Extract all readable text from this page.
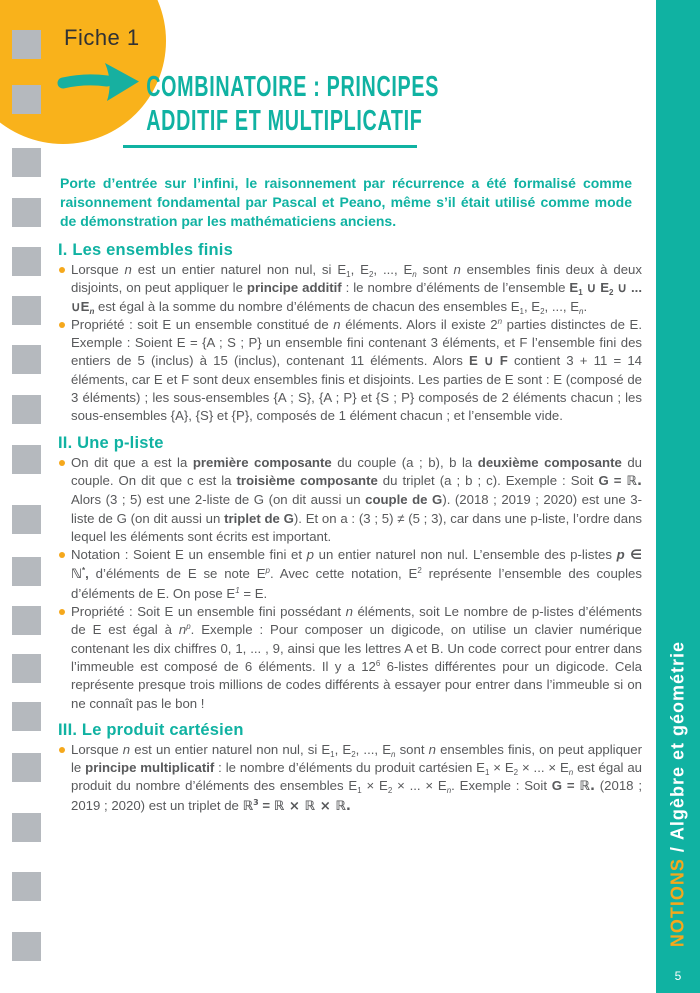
Fiche 1
COMBINATOIRE : PRINCIPES
ADDITIF ET MULTIPLICATIF

Porte d’entrée sur l’infini, le raisonnement par récurrence a été formalisé comme raisonnement fondamental par Pascal et Peano, même s’il était utilisé comme mode de démonstration par les mathématiciens anciens.

I. Les ensembles finis

Lorsque n est un entier naturel non nul, si $E_1$, $E_2$, ..., $E_n$ sont n ensembles finis deux à deux disjoints, on peut appliquer le principe additif : le nombre d’éléments de l’ensemble $E_1$ ∪ $E_2$ ∪ ... $\cup E_n$ est égal à la somme du nombre d’éléments de chacun des ensembles $E_1$, $E_2$, ..., $E_n$.

Propriété : soit E un ensemble constitué de n éléments. Alors il existe 2$^n$ parties distinctes de E. Exemple : Soient E = {A ; S ; P} un ensemble fini contenant 3 éléments, et F l’ensemble fini des entiers de 5 (inclus) à 15 (inclus), contenant 11 éléments. Alors E ∪ F contient 3 + 11 = 14 éléments, car E et F sont deux ensembles finis et disjoints. Les parties de E sont : E (composé de 3 éléments) ; les sous-ensembles {A ; S}, {A ; P} et {S ; P} composés de 2 éléments chacun ; les sous-ensembles {A}, {S} et {P}, composés de 1 élément chacun ; et l’ensemble vide.

II. Une p-liste

On dit que a est la première composante du couple (a ; b), b la deuxième composante du couple. On dit que c est la troisième composante du triplet (a ; b ; c). Exemple : Soit G = ℝ. Alors (3 ; 5) est une 2-liste de G (on dit aussi un couple de G). (2018 ; 2019 ; 2020) est une 3-liste de G (on dit aussi un triplet de G). Et on a : (3 ; 5) ≠ (5 ; 3), car dans une p-liste, l’ordre dans lequel les éléments sont écrits est important.

Notation : Soient E un ensemble fini et p un entier naturel non nul. L’ensemble des p-listes p ∈ ℕ*, d’éléments de E se note $E^p$. Avec cette notation, $E^2$ représente l’ensemble des couples d’éléments de E. On pose $E^1 = E$.

Propriété : Soit E un ensemble fini possédant n éléments, soit Le nombre de p-listes d’éléments de E est égal à $n^p$. Exemple : Pour composer un digicode, on utilise un clavier numérique contenant les dix chiffres 0, 1, ... , 9, ainsi que les lettres A et B. Un code correct pour entrer dans l’immeuble est composé de 6 éléments. Il y a $12^6$ 6-listes différentes pour un digicode. Cela représente presque trois millions de codes différents à essayer pour entrer dans l’immeuble si on ne connaît pas le bon !

III. Le produit cartésien

Lorsque n est un entier naturel non nul, si $E_1$, $E_2$, ..., $E_n$ sont n ensembles finis, on peut appliquer le principe multiplicatif : le nombre d’éléments du produit cartésien $E_1 \times E_2$ × ... × $E_n$ est égal au produit du nombre d’éléments des ensembles $E_1 \times E_2$ × ... × $E_n$. Exemple : Soit G = ℝ. (2018 ; 2019 ; 2020) est un triplet de ℝ$^3$ = ℝ × ℝ × ℝ.

NOTIONS / Algèbre et géométrie
5
